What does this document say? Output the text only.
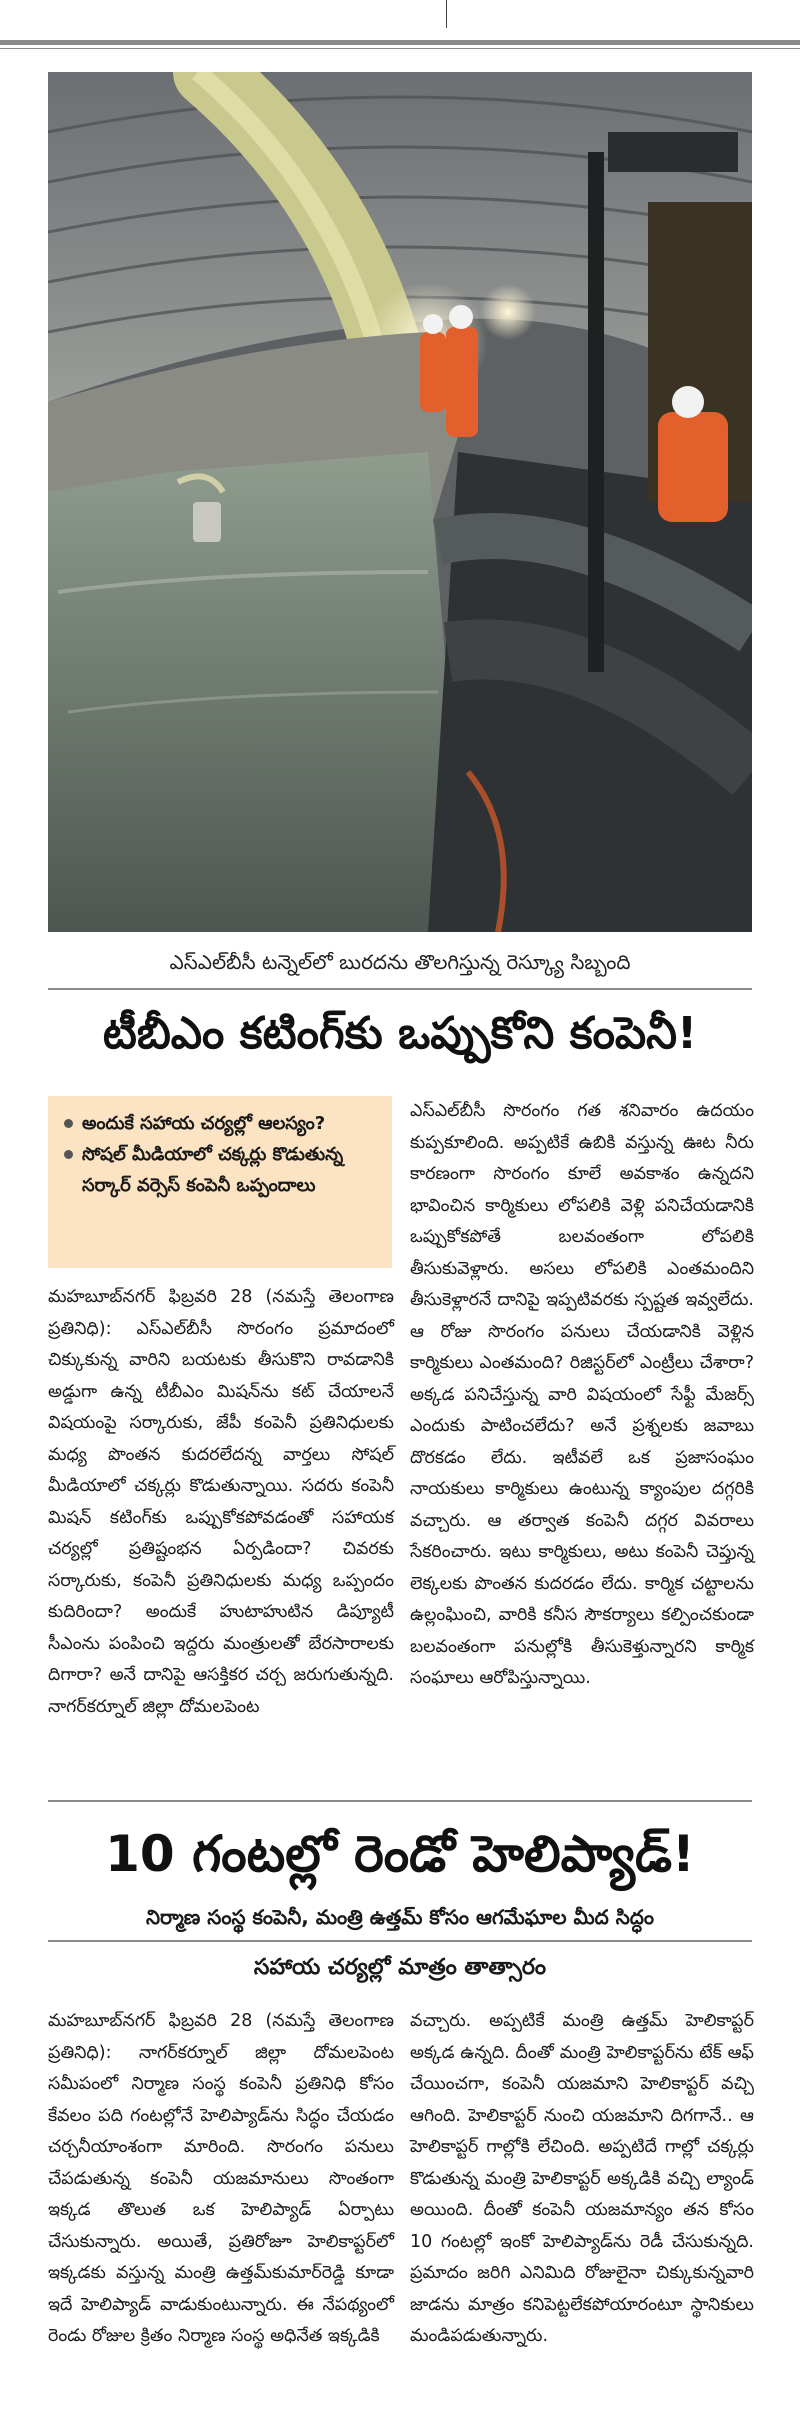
ఎస్ఎల్‌బీసీ టన్నెల్‌లో బురదను తొలగిస్తున్న రెస్క్యూ సిబ్బంది
టీబీఎం కటింగ్‌కు ఒప్పుకోని కంపెనీ!
అందుకే సహాయ చర్యల్లో ఆలస్యం?
సోషల్ మీడియాలో చక్కర్లు కొడుతున్న సర్కార్ వర్సెస్ కంపెనీ ఒప్పందాలు

మహబూబ్‌నగర్ ఫిబ్రవరి 28 (నమస్తే తెలంగాణ ప్రతినిధి): ఎస్ఎల్‌బీసీ సొరంగం ప్రమాదంలో చిక్కుకున్న వారిని బయటకు తీసుకొని రావడానికి అడ్డుగా ఉన్న టీబీఎం మిషన్‌ను కట్ చేయాలనే విషయంపై సర్కారుకు, జేపీ కంపెనీ ప్రతినిధులకు మధ్య పొంతన కుదరలేదన్న వార్తలు సోషల్ మీడియాలో చక్కర్లు కొడుతున్నాయి. సదరు కంపెనీ మిషన్ కటింగ్‌కు ఒప్పుకోకపోవడంతో సహాయక చర్యల్లో ప్రతిష్టంభన ఏర్పడిందా? చివరకు సర్కారుకు, కంపెనీ ప్రతినిధులకు మధ్య ఒప్పందం కుదిరిందా? అందుకే హుటాహుటిన డిప్యూటీ సీఎంను పంపించి ఇద్దరు మంత్రులతో బేరసారాలకు దిగారా? అనే దానిపై ఆసక్తికర చర్చ జరుగుతున్నది. నాగర్‌కర్నూల్ జిల్లా దోమలపెంట

ఎస్ఎల్‌బీసీ సొరంగం గత శనివారం ఉదయం కుప్పకూలింది. అప్పటికే ఉబికి వస్తున్న ఊట నీరు కారణంగా సొరంగం కూలే అవకాశం ఉన్నదని భావించిన కార్మికులు లోపలికి వెళ్లి పనిచేయడానికి ఒప్పుకోకపోతే బలవంతంగా లోపలికి తీసుకువెళ్లారు. అసలు లోపలికి ఎంతమందిని తీసుకెళ్లారనే దానిపై ఇప్పటివరకు స్పష్టత ఇవ్వలేదు. ఆ రోజు సొరంగం పనులు చేయడానికి వెళ్లిన కార్మికులు ఎంతమంది? రిజిస్టర్‌లో ఎంట్రీలు చేశారా? అక్కడ పనిచేస్తున్న వారి విషయంలో సేఫ్టీ మేజర్స్ ఎందుకు పాటించలేదు? అనే ప్రశ్నలకు జవాబు దొరకడం లేదు. ఇటీవలే ఒక ప్రజాసంఘం నాయకులు కార్మికులు ఉంటున్న క్యాంపుల దగ్గరికి వచ్చారు. ఆ తర్వాత కంపెనీ దగ్గర వివరాలు సేకరించారు. ఇటు కార్మికులు, అటు కంపెనీ చెప్తున్న లెక్కలకు పొంతన కుదరడం లేదు. కార్మిక చట్టాలను ఉల్లంఘించి, వారికి కనీస సౌకర్యాలు కల్పించకుండా బలవంతంగా పనుల్లోకి తీసుకెళ్తున్నారని కార్మిక సంఘాలు ఆరోపిస్తున్నాయి.

10 గంటల్లో రెండో హెలిప్యాడ్!
నిర్మాణ సంస్థ కంపెనీ, మంత్రి ఉత్తమ్ కోసం ఆగమేఘాల మీద సిద్ధం
సహాయ చర్యల్లో మాత్రం తాత్సారం

మహబూబ్‌నగర్ ఫిబ్రవరి 28 (నమస్తే తెలంగాణ ప్రతినిధి): నాగర్‌కర్నూల్ జిల్లా దోమలపెంట సమీపంలో నిర్మాణ సంస్థ కంపెనీ ప్రతినిధి కోసం కేవలం పది గంటల్లోనే హెలిప్యాడ్‌ను సిద్ధం చేయడం చర్చనీయాంశంగా మారింది. సొరంగం పనులు చేపడుతున్న కంపెనీ యజమానులు సొంతంగా ఇక్కడ తొలుత ఒక హెలిప్యాడ్ ఏర్పాటు చేసుకున్నారు. అయితే, ప్రతిరోజూ హెలికాప్టర్‌లో ఇక్కడకు వస్తున్న మంత్రి ఉత్తమ్‌కుమార్‌రెడ్డి కూడా ఇదే హెలిప్యాడ్ వాడుకుంటున్నారు. ఈ నేపథ్యంలో రెండు రోజుల క్రితం నిర్మాణ సంస్థ అధినేత ఇక్కడికి

వచ్చారు. అప్పటికే మంత్రి ఉత్తమ్ హెలికాప్టర్ అక్కడ ఉన్నది. దీంతో మంత్రి హెలికాప్టర్‌ను టేక్ ఆఫ్ చేయించగా, కంపెనీ యజమాని హెలికాప్టర్ వచ్చి ఆగింది. హెలికాప్టర్ నుంచి యజమాని దిగగానే.. ఆ హెలికాప్టర్ గాల్లోకి లేచింది. అప్పటిదే గాల్లో చక్కర్లు కొడుతున్న మంత్రి హెలికాప్టర్ అక్కడికి వచ్చి ల్యాండ్ అయింది. దీంతో కంపెనీ యజమాన్యం తన కోసం 10 గంటల్లో ఇంకో హెలిప్యాడ్‌ను రెడీ చేసుకున్నది. ప్రమాదం జరిగి ఎనిమిది రోజులైనా చిక్కుకున్నవారి జాడను మాత్రం కనిపెట్టలేకపోయారంటూ స్థానికులు మండిపడుతున్నారు.
